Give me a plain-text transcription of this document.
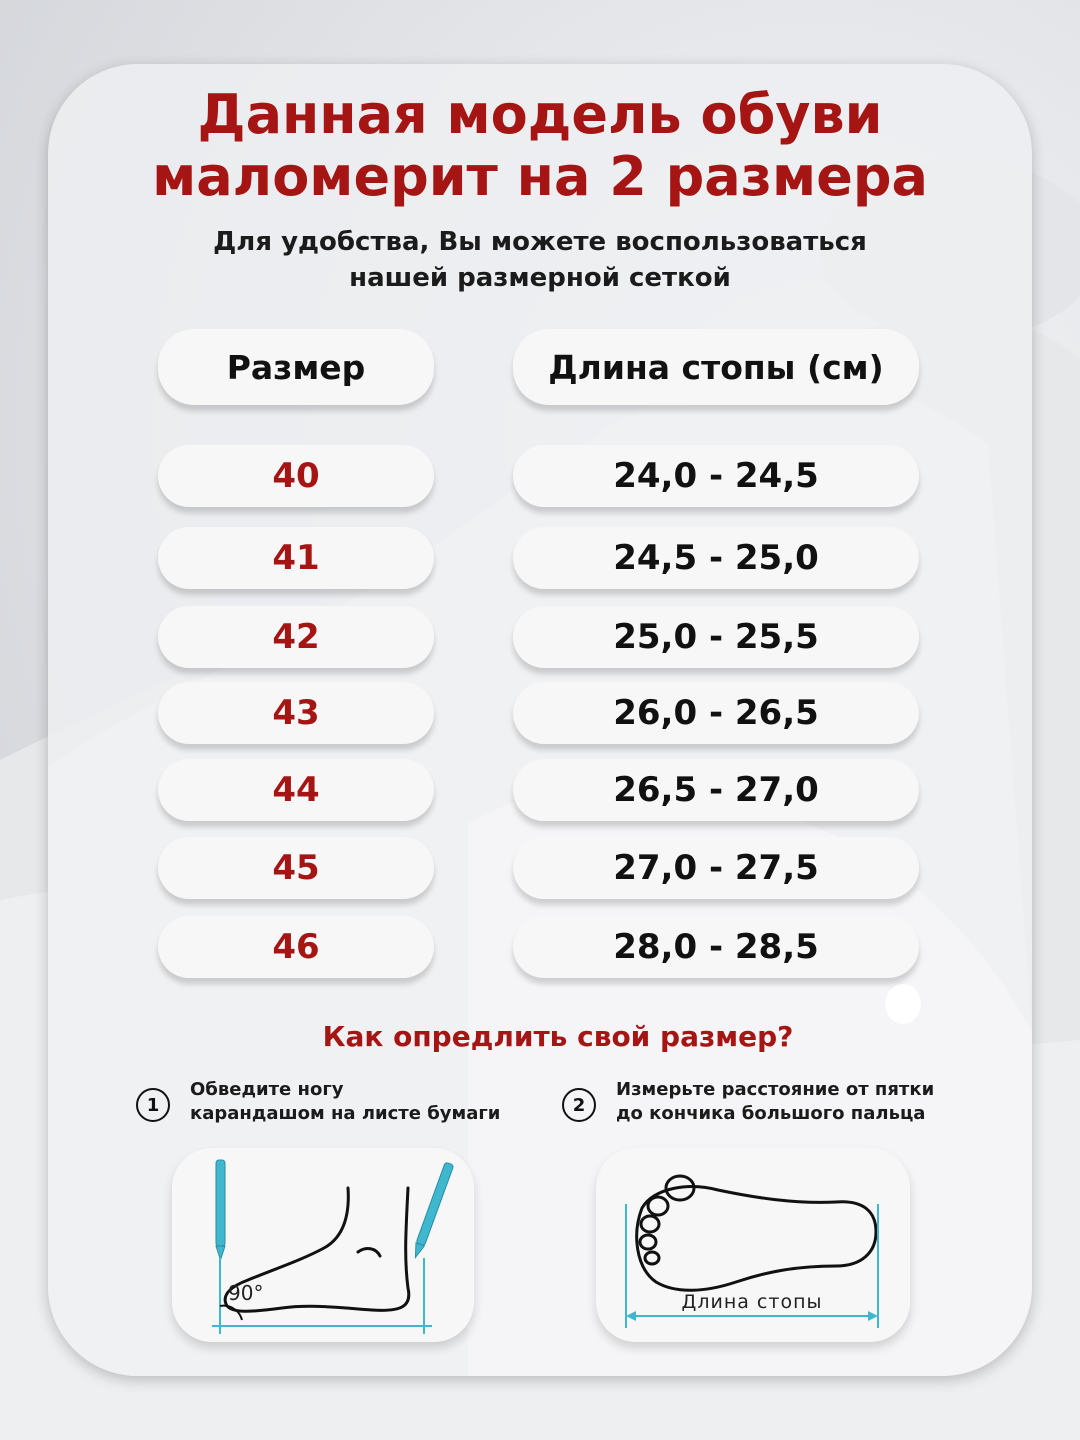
Данная модель обуви
маломерит на 2 размера

Для удобства, Вы можете воспользоваться
нашей размерной сеткой

Размер	Длина стопы (см)
40	24,0 - 24,5
41	24,5 - 25,0
42	25,0 - 25,5
43	26,0 - 26,5
44	26,5 - 27,0
45	27,0 - 27,5
46	28,0 - 28,5

Как опредлить свой размер?

1
Обведите ногу
карандашом на листе бумаги	2
Измерьте расстояние от пятки
до кончика большого пальца
90°	Длина стопы
